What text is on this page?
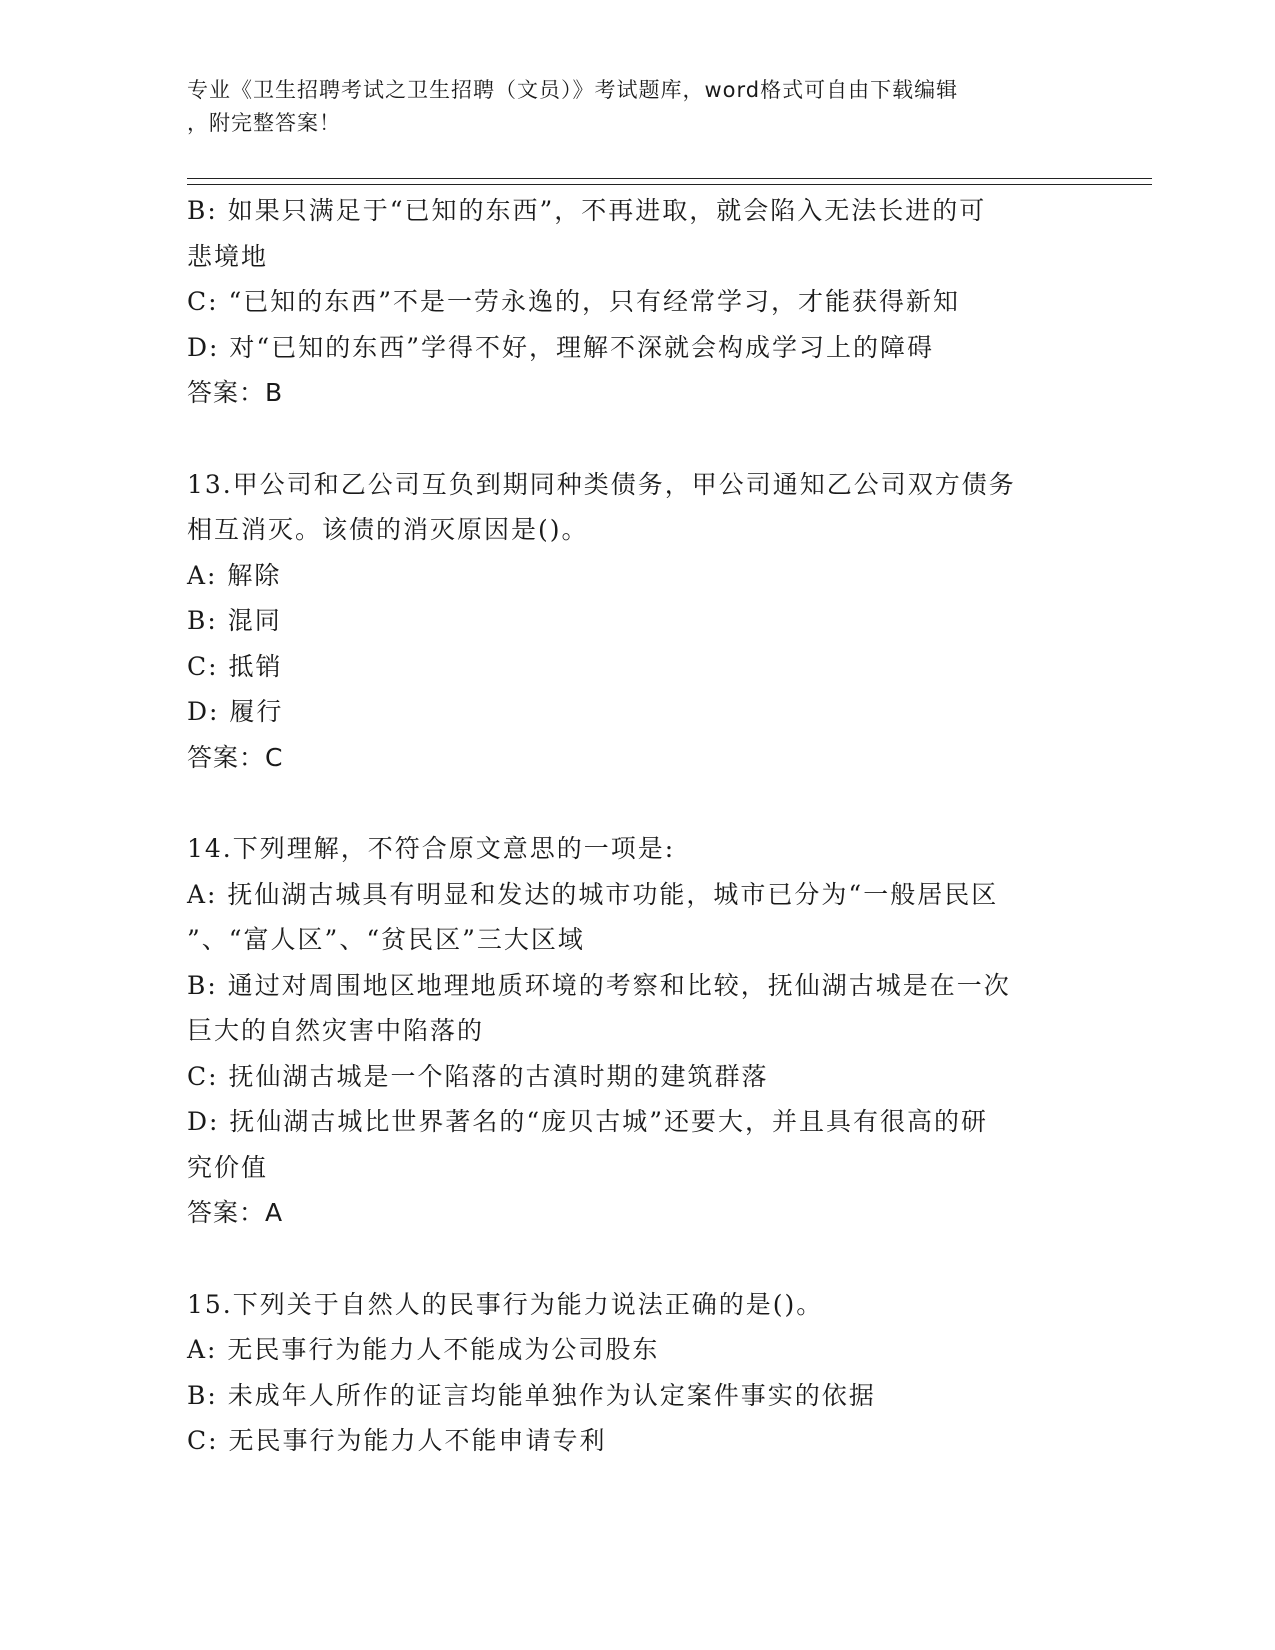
专业《卫生招聘考试之卫生招聘（文员）》考试题库，word格式可自由下载编辑
，附完整答案！

B: 如果只满足于“已知的东西”，不再进取，就会陷入无法长进的可

悲境地

C: “已知的东西”不是一劳永逸的，只有经常学习，才能获得新知

D: 对“已知的东西”学得不好，理解不深就会构成学习上的障碍

答案：B

13.甲公司和乙公司互负到期同种类债务，甲公司通知乙公司双方债务

相互消灭。该债的消灭原因是()。

A: 解除

B: 混同

C: 抵销

D: 履行

答案：C

14.下列理解，不符合原文意思的一项是:

A: 抚仙湖古城具有明显和发达的城市功能，城市已分为“一般居民区

”、“富人区”、“贫民区”三大区域

B: 通过对周围地区地理地质环境的考察和比较，抚仙湖古城是在一次

巨大的自然灾害中陷落的

C: 抚仙湖古城是一个陷落的古滇时期的建筑群落

D: 抚仙湖古城比世界著名的“庞贝古城”还要大，并且具有很高的研

究价值

答案：A

15.下列关于自然人的民事行为能力说法正确的是()。

A: 无民事行为能力人不能成为公司股东

B: 未成年人所作的证言均能单独作为认定案件事实的依据

C: 无民事行为能力人不能申请专利
